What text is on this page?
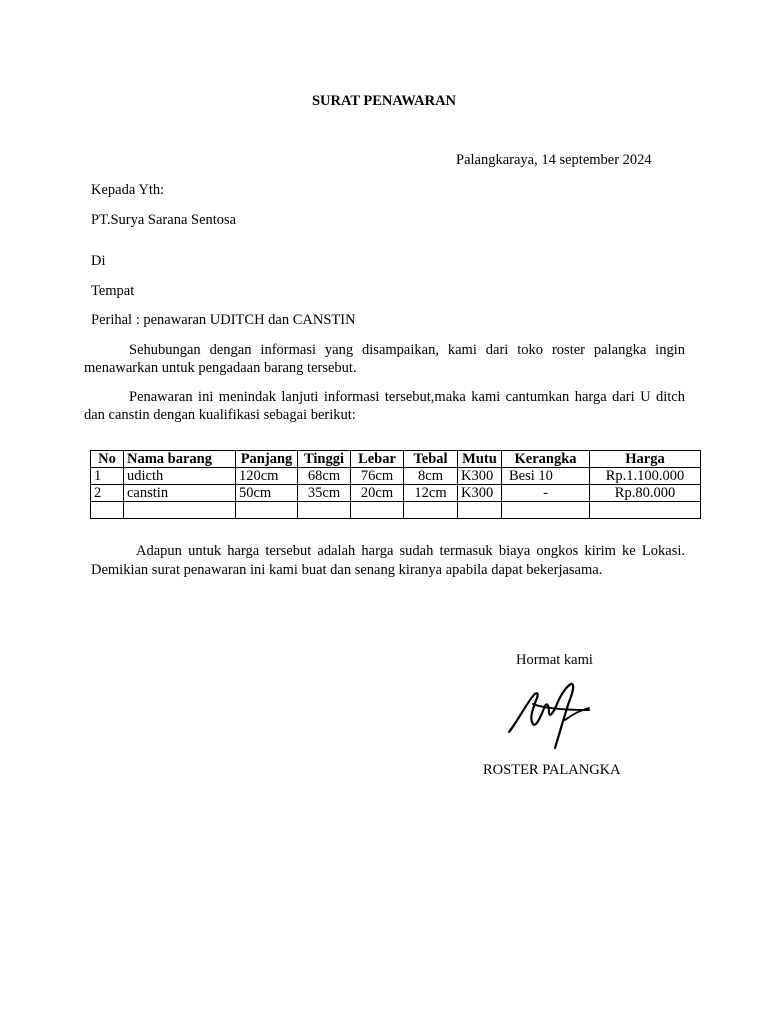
SURAT PENAWARAN
Palangkaraya, 14 september 2024
Kepada Yth:
PT.Surya Sarana Sentosa
Di
Tempat
Perihal : penawaran UDITCH dan CANSTIN
Sehubungan dengan informasi yang disampaikan, kami dari toko roster palangka ingin menawarkan untuk pengadaan barang tersebut.
Penawaran ini menindak lanjuti informasi tersebut,maka kami cantumkan harga dari U ditch dan canstin dengan kualifikasi sebagai berikut:
No	Nama barang	Panjang	Tinggi	Lebar	Tebal	Mutu	Kerangka	Harga
1	udicth	120cm	68cm	76cm	8cm	K300	Besi 10	Rp.1.100.000
2	canstin	50cm	35cm	20cm	12cm	K300	-	Rp.80.000

Adapun untuk harga tersebut adalah harga sudah termasuk biaya ongkos kirim ke Lokasi.
Demikian surat penawaran ini kami buat dan senang kiranya apabila dapat bekerjasama.
Hormat kami
ROSTER PALANGKA
